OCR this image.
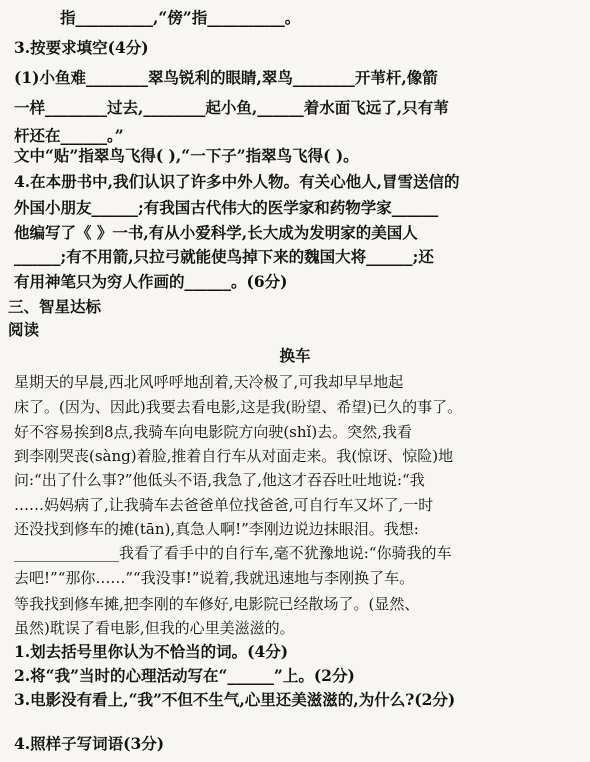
指__________,“傍”指__________。
3.按要求填空(4分)
(1)小鱼难________翠鸟锐利的眼睛,翠鸟________开苇杆,像箭
一样________过去,________起小鱼,______着水面飞远了,只有苇
杆还在______。”
文中“贴”指翠鸟飞得( ),“一下子”指翠鸟飞得( )。
4.在本册书中,我们认识了许多中外人物。有关心他人,冒雪送信的
外国小朋友______;有我国古代伟大的医学家和药物学家______
他编写了《 》一书,有从小爱科学,长大成为发明家的美国人
______;有不用箭,只拉弓就能使鸟掉下来的魏国大将______;还
有用神笔只为穷人作画的______。(6分)
三、智星达标
阅读
换车
星期天的早晨,西北风呼呼地刮着,天冷极了,可我却早早地起
床了。(因为、因此)我要去看电影,这是我(盼望、希望)已久的事了。
好不容易挨到8点,我骑车向电影院方向驶(shǐ)去。突然,我看
到李刚哭丧(sàng)着脸,推着自行车从对面走来。我(惊讶、惊险)地
问:“出了什么事?”他低头不语,我急了,他这才吞吞吐吐地说:“我
……妈妈病了,让我骑车去爸爸单位找爸爸,可自行车又坏了,一时
还没找到修车的摊(tān),真急人啊!”李刚边说边抹眼泪。我想:
______________我看了看手中的自行车,毫不犹豫地说:“你骑我的车
去吧!”“那你……”“我没事!”说着,我就迅速地与李刚换了车。
等我找到修车摊,把李刚的车修好,电影院已经散场了。(显然、
虽然)耽误了看电影,但我的心里美滋滋的。
1.划去括号里你认为不恰当的词。(4分)
2.将“我”当时的心理活动写在“______”上。(2分)
3.电影没有看上,“我”不但不生气,心里还美滋滋的,为什么?(2分)
4.照样子写词语(3分)
